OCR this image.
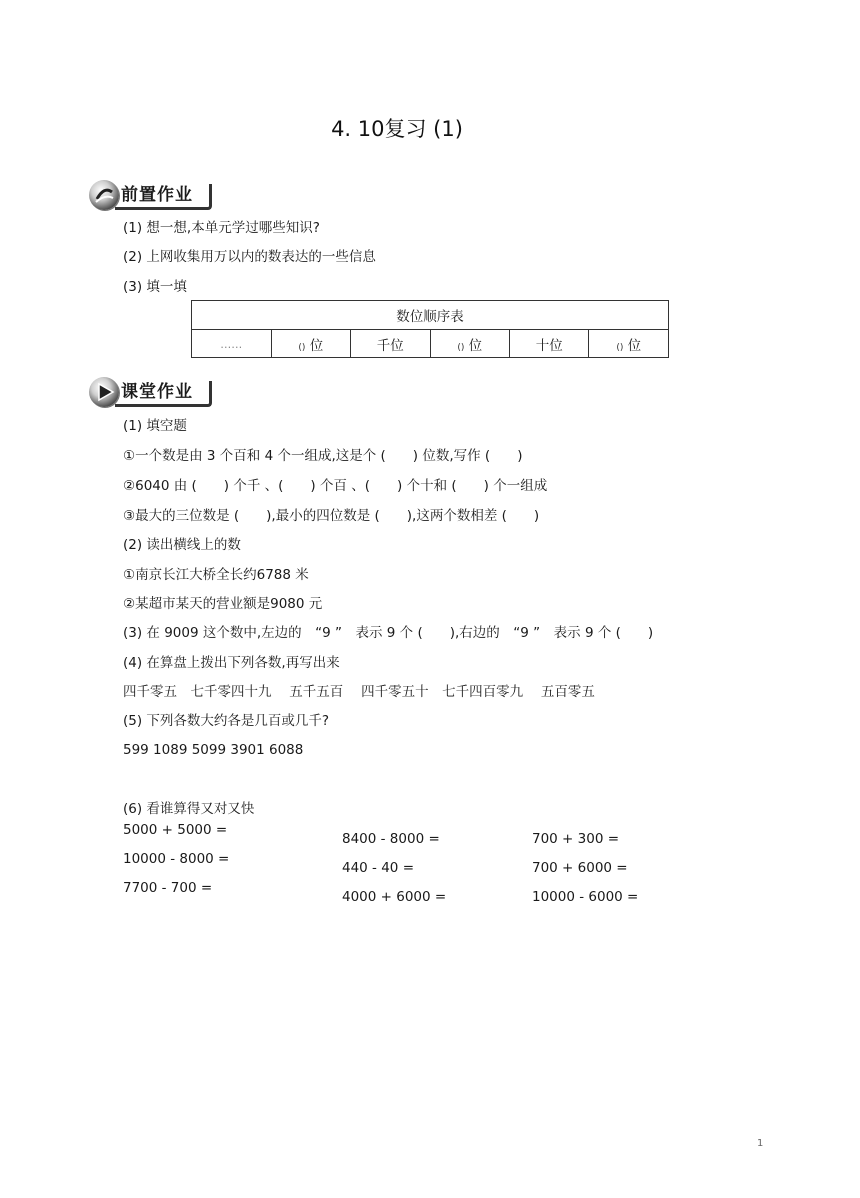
4. 10复习 (1)
前置作业
(1) 想一想,本单元学过哪些知识?
(2) 上网收集用万以内的数表达的一些信息
(3) 填一填
数位顺序表
……	() 位	千位	() 位	十位	() 位
课堂作业
(1) 填空题
①一个数是由 3 个百和 4 个一组成,这是个 (　　) 位数,写作 (　　)
②6040 由 (　　) 个千 、(　　) 个百 、(　　) 个十和 (　　) 个一组成
③最大的三位数是 (　　),最小的四位数是 (　　),这两个数相差 (　　)
(2) 读出横线上的数
①南京长江大桥全长约6788 米
②某超市某天的营业额是9080 元
(3) 在 9009 这个数中,左边的　“9 ”　表示 9 个 (　　),右边的　“9 ”　表示 9 个 (　　)
(4) 在算盘上拨出下列各数,再写出来
四千零五　七千零四十九　 五千五百　 四千零五十　七千四百零九　 五百零五
(5) 下列各数大约各是几百或几千?
599 1089 5099 3901 6088
(6) 看谁算得又对又快
5000 + 5000 =
10000 - 8000 =
7700 - 700 =
8400 - 8000 =
440 - 40 =
4000 + 6000 =
700 + 300 =
700 + 6000 =
10000 - 6000 =
1
